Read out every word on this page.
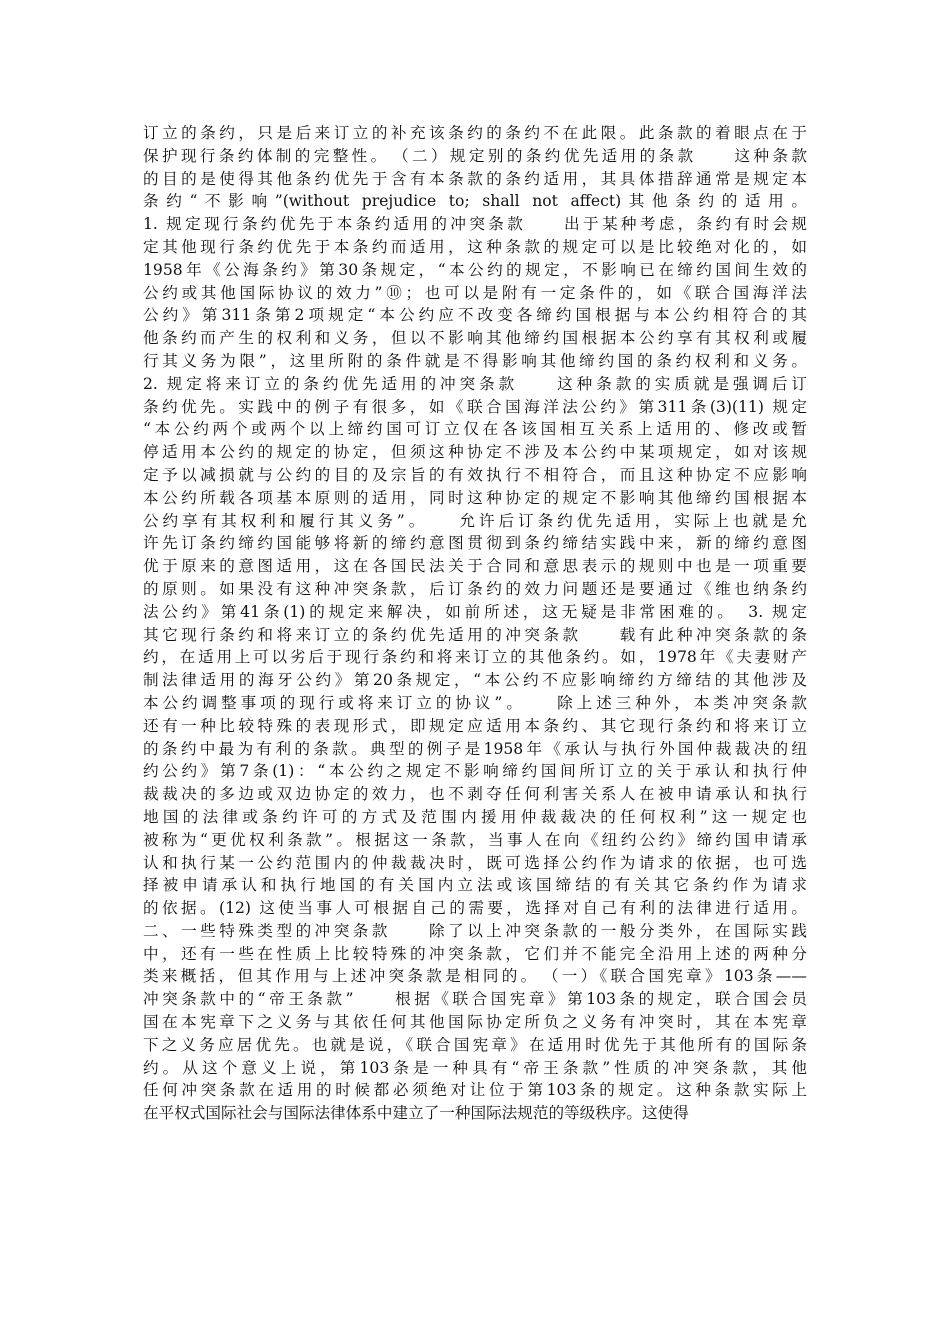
订立的条约，只是后来订立的补充该条约的条约不在此限。此条款的着眼点在于
保护现行条约体制的完整性。　（二）规定别的条约优先适用的条款　　这种条款
的目的是使得其他条约优先于含有本条款的条约适用，其具体措辞通常是规定本
条约“不影响”(without prejudice to; shall not affect)其他条约的适用。
1. 规定现行条约优先于本条约适用的冲突条款　　出于某种考虑，条约有时会规
定其他现行条约优先于本条约而适用，这种条款的规定可以是比较绝对化的，如
1958年《公海条约》第30条规定，“本公约的规定，不影响已在缔约国间生效的
公约或其他国际协议的效力”⑩；也可以是附有一定条件的，如《联合国海洋法
公约》第311条第2项规定“本公约应不改变各缔约国根据与本公约相符合的其
他条约而产生的权利和义务，但以不影响其他缔约国根据本公约享有其权利或履
行其义务为限”，这里所附的条件就是不得影响其他缔约国的条约权利和义务。
2. 规定将来订立的条约优先适用的冲突条款　　这种条款的实质就是强调后订
条约优先。实践中的例子有很多，如《联合国海洋法公约》第311条(3)(11) 规定
“本公约两个或两个以上缔约国可订立仅在各该国相互关系上适用的、修改或暂
停适用本公约的规定的协定，但须这种协定不涉及本公约中某项规定，如对该规
定予以减损就与公约的目的及宗旨的有效执行不相符合，而且这种协定不应影响
本公约所载各项基本原则的适用，同时这种协定的规定不影响其他缔约国根据本
公约享有其权利和履行其义务”。　　允许后订条约优先适用，实际上也就是允
许先订条约缔约国能够将新的缔约意图贯彻到条约缔结实践中来，新的缔约意图
优于原来的意图适用，这在各国民法关于合同和意思表示的规则中也是一项重要
的原则。如果没有这种冲突条款，后订条约的效力问题还是要通过《维也纳条约
法公约》第41条(1)的规定来解决，如前所述，这无疑是非常困难的。　3. 规定
其它现行条约和将来订立的条约优先适用的冲突条款　　载有此种冲突条款的条
约，在适用上可以劣后于现行条约和将来订立的其他条约。如，1978年《夫妻财产
制法律适用的海牙公约》第20条规定，“本公约不应影响缔约方缔结的其他涉及
本公约调整事项的现行或将来订立的协议”。　　除上述三种外，本类冲突条款
还有一种比较特殊的表现形式，即规定应适用本条约、其它现行条约和将来订立
的条约中最为有利的条款。典型的例子是1958年《承认与执行外国仲裁裁决的纽
约公约》第7条(1)：“本公约之规定不影响缔约国间所订立的关于承认和执行仲
裁裁决的多边或双边协定的效力，也不剥夺任何利害关系人在被申请承认和执行
地国的法律或条约许可的方式及范围内援用仲裁裁决的任何权利”这一规定也
被称为“更优权利条款”。根据这一条款，当事人在向《纽约公约》缔约国申请承
认和执行某一公约范围内的仲裁裁决时，既可选择公约作为请求的依据，也可选
择被申请承认和执行地国的有关国内立法或该国缔结的有关其它条约作为请求
的依据。(12) 这使当事人可根据自己的需要，选择对自己有利的法律进行适用。
二、一些特殊类型的冲突条款　　除了以上冲突条款的一般分类外，在国际实践
中，还有一些在性质上比较特殊的冲突条款，它们并不能完全沿用上述的两种分
类来概括，但其作用与上述冲突条款是相同的。　（一）《联合国宪章》103条——
冲突条款中的“帝王条款”　　根据《联合国宪章》第103条的规定，联合国会员
国在本宪章下之义务与其依任何其他国际协定所负之义务有冲突时，其在本宪章
下之义务应居优先。也就是说，《联合国宪章》在适用时优先于其他所有的国际条
约。从这个意义上说，第103条是一种具有“帝王条款”性质的冲突条款，其他
任何冲突条款在适用的时候都必须绝对让位于第103条的规定。这种条款实际上
在平权式国际社会与国际法律体系中建立了一种国际法规范的等级秩序。这使得
